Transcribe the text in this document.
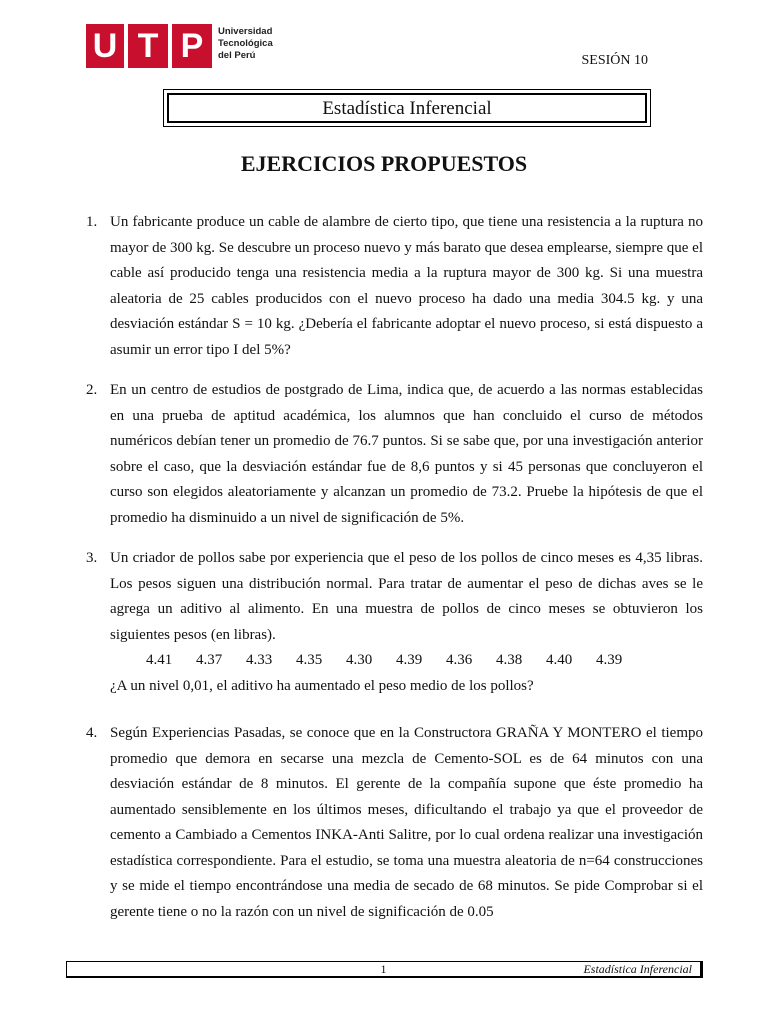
U T P	Universidad
Tecnológica
del Perú	SESIÓN 10
Estadística Inferencial
EJERCICIOS PROPUESTOS
1. Un fabricante produce un cable de alambre de cierto tipo, que tiene una resistencia a la ruptura no mayor de 300 kg. Se descubre un proceso nuevo y más barato que desea emplearse, siempre que el cable así producido tenga una resistencia media a la ruptura mayor de 300 kg. Si una muestra aleatoria de 25 cables producidos con el nuevo proceso ha dado una media 304.5 kg. y una desviación estándar S = 10 kg. ¿Debería el fabricante adoptar el nuevo proceso, si está dispuesto a asumir un error tipo I del 5%?
2. En un centro de estudios de postgrado de Lima, indica que, de acuerdo a las normas establecidas en una prueba de aptitud académica, los alumnos que han concluido el curso de métodos numéricos debían tener un promedio de 76.7 puntos. Si se sabe que, por una investigación anterior sobre el caso, que la desviación estándar fue de 8,6 puntos y si 45 personas que concluyeron el curso son elegidos aleatoriamente y alcanzan un promedio de 73.2. Pruebe la hipótesis de que el promedio ha disminuido a un nivel de significación de 5%.
3. Un criador de pollos sabe por experiencia que el peso de los pollos de cinco meses es 4,35 libras. Los pesos siguen una distribución normal. Para tratar de aumentar el peso de dichas aves se le agrega un aditivo al alimento. En una muestra de pollos de cinco meses se obtuvieron los siguientes pesos (en libras).
4.41	4.37	4.33	4.35	4.30	4.39	4.36	4.38	4.40	4.39
¿A un nivel 0,01, el aditivo ha aumentado el peso medio de los pollos?
4. Según Experiencias Pasadas, se conoce que en la Constructora GRAÑA Y MONTERO el tiempo promedio que demora en secarse una mezcla de Cemento-SOL es de 64 minutos con una desviación estándar de 8 minutos. El gerente de la compañía supone que éste promedio ha aumentado sensiblemente en los últimos meses, dificultando el trabajo ya que el proveedor de cemento a Cambiado a Cementos INKA-Anti Salitre, por lo cual ordena realizar una investigación estadística correspondiente. Para el estudio, se toma una muestra aleatoria de n=64 construcciones y se mide el tiempo encontrándose una media de secado de 68 minutos. Se pide Comprobar si el gerente tiene o no la razón con un nivel de significación de 0.05
1	Estadística Inferencial
